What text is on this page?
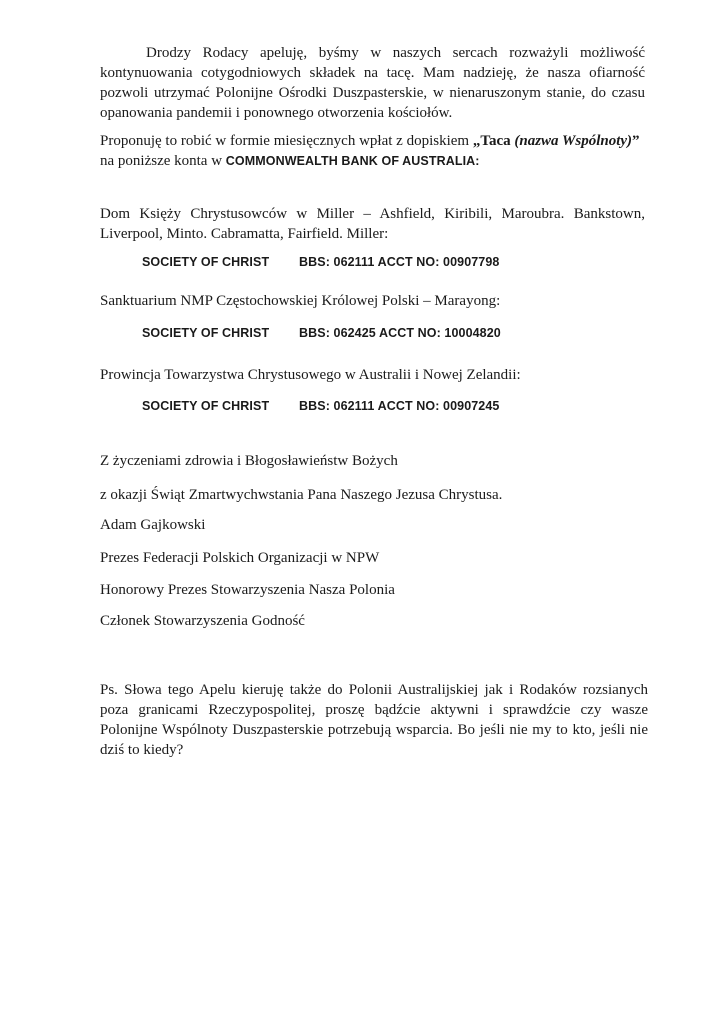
Drodzy Rodacy apeluję, byśmy w naszych sercach rozważyli możliwość kontynuowania cotygodniowych składek na tacę. Mam nadzieję, że nasza ofiarność pozwoli utrzymać Polonijne Ośrodki Duszpasterskie, w nienaruszonym stanie, do czasu opanowania pandemii i ponownego otworzenia kościołów.

Proponuję to robić w formie miesięcznych wpłat z dopiskiem „Taca (nazwa Wspólnoty)”
na poniższe konta w COMMONWEALTH BANK OF AUSTRALIA:

Dom Księży Chrystusowców w Miller – Ashfield, Kiribili, Maroubra. Bankstown, Liverpool, Minto. Cabramatta, Fairfield. Miller:

SOCIETY OF CHRIST BBS: 062111 ACCT NO: 00907798

Sanktuarium NMP Częstochowskiej Królowej Polski – Marayong:

SOCIETY OF CHRIST BBS: 062425 ACCT NO: 10004820

Prowincja Towarzystwa Chrystusowego w Australii i Nowej Zelandii:

SOCIETY OF CHRIST BBS: 062111 ACCT NO: 00907245

Z życzeniami zdrowia i Błogosławieństw Bożych

z okazji Świąt Zmartwychwstania Pana Naszego Jezusa Chrystusa.

Adam Gajkowski

Prezes Federacji Polskich Organizacji w NPW

Honorowy Prezes Stowarzyszenia Nasza Polonia

Członek Stowarzyszenia Godność

Ps. Słowa tego Apelu kieruję także do Polonii Australijskiej jak i Rodaków rozsianych poza granicami Rzeczypospolitej, proszę bądźcie aktywni i sprawdźcie czy wasze Polonijne Wspólnoty Duszpasterskie potrzebują wsparcia. Bo jeśli nie my to kto, jeśli nie dziś to kiedy?
